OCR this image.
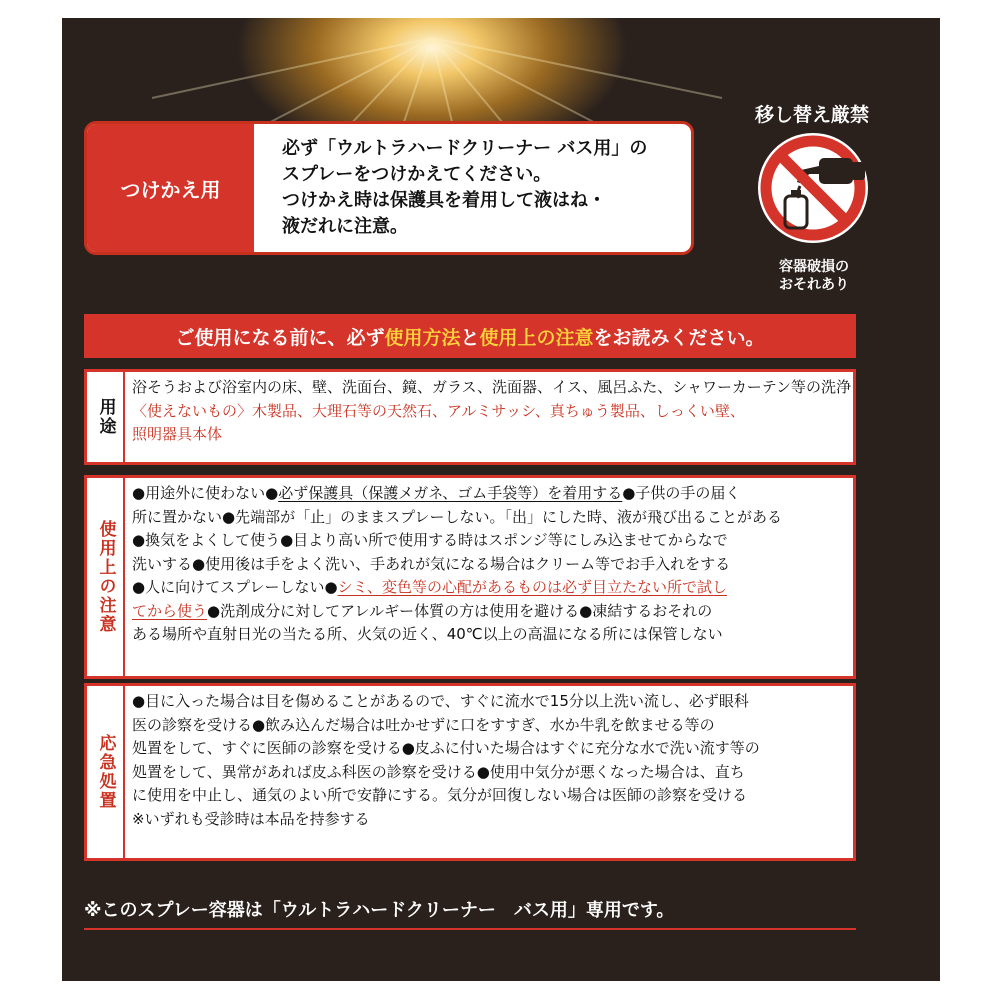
つけかえ用
必ず「ウルトラハードクリーナー バス用」の
スプレーをつけかえてください。
つけかえ時は保護具を着用して液はね・
液だれに注意。
移し替え厳禁
容器破損の
おそれあり
ご使用になる前に、必ず 使用方法 と 使用上の注意 をお読みください。
用途
浴そうおよび浴室内の床、壁、洗面台、鏡、ガラス、洗面器、イス、風呂ふた、シャワーカーテン等の洗浄
〈使えないもの〉木製品、大理石等の天然石、アルミサッシ、真ちゅう製品、しっくい壁、
照明器具本体
使用上の注意
●用途外に使わない●必ず保護具（保護メガネ、ゴム手袋等）を着用する●子供の手の届く
所に置かない●先端部が「止」のままスプレーしない。「出」にした時、液が飛び出ることがある
●換気をよくして使う●目より高い所で使用する時はスポンジ等にしみ込ませてからなで
洗いする●使用後は手をよく洗い、手あれが気になる場合はクリーム等でお手入れをする
●人に向けてスプレーしない●シミ、変色等の心配があるものは必ず目立たない所で試し
てから使う●洗剤成分に対してアレルギー体質の方は使用を避ける●凍結するおそれの
ある場所や直射日光の当たる所、火気の近く、40℃以上の高温になる所には保管しない
応急処置
●目に入った場合は目を傷めることがあるので、すぐに流水で15分以上洗い流し、必ず眼科
医の診察を受ける●飲み込んだ場合は吐かせずに口をすすぎ、水か牛乳を飲ませる等の
処置をして、すぐに医師の診察を受ける●皮ふに付いた場合はすぐに充分な水で洗い流す等の
処置をして、異常があれば皮ふ科医の診察を受ける●使用中気分が悪くなった場合は、直ち
に使用を中止し、通気のよい所で安静にする。気分が回復しない場合は医師の診察を受ける
※いずれも受診時は本品を持参する
※このスプレー容器は「ウルトラハードクリーナー　バス用」専用です。
